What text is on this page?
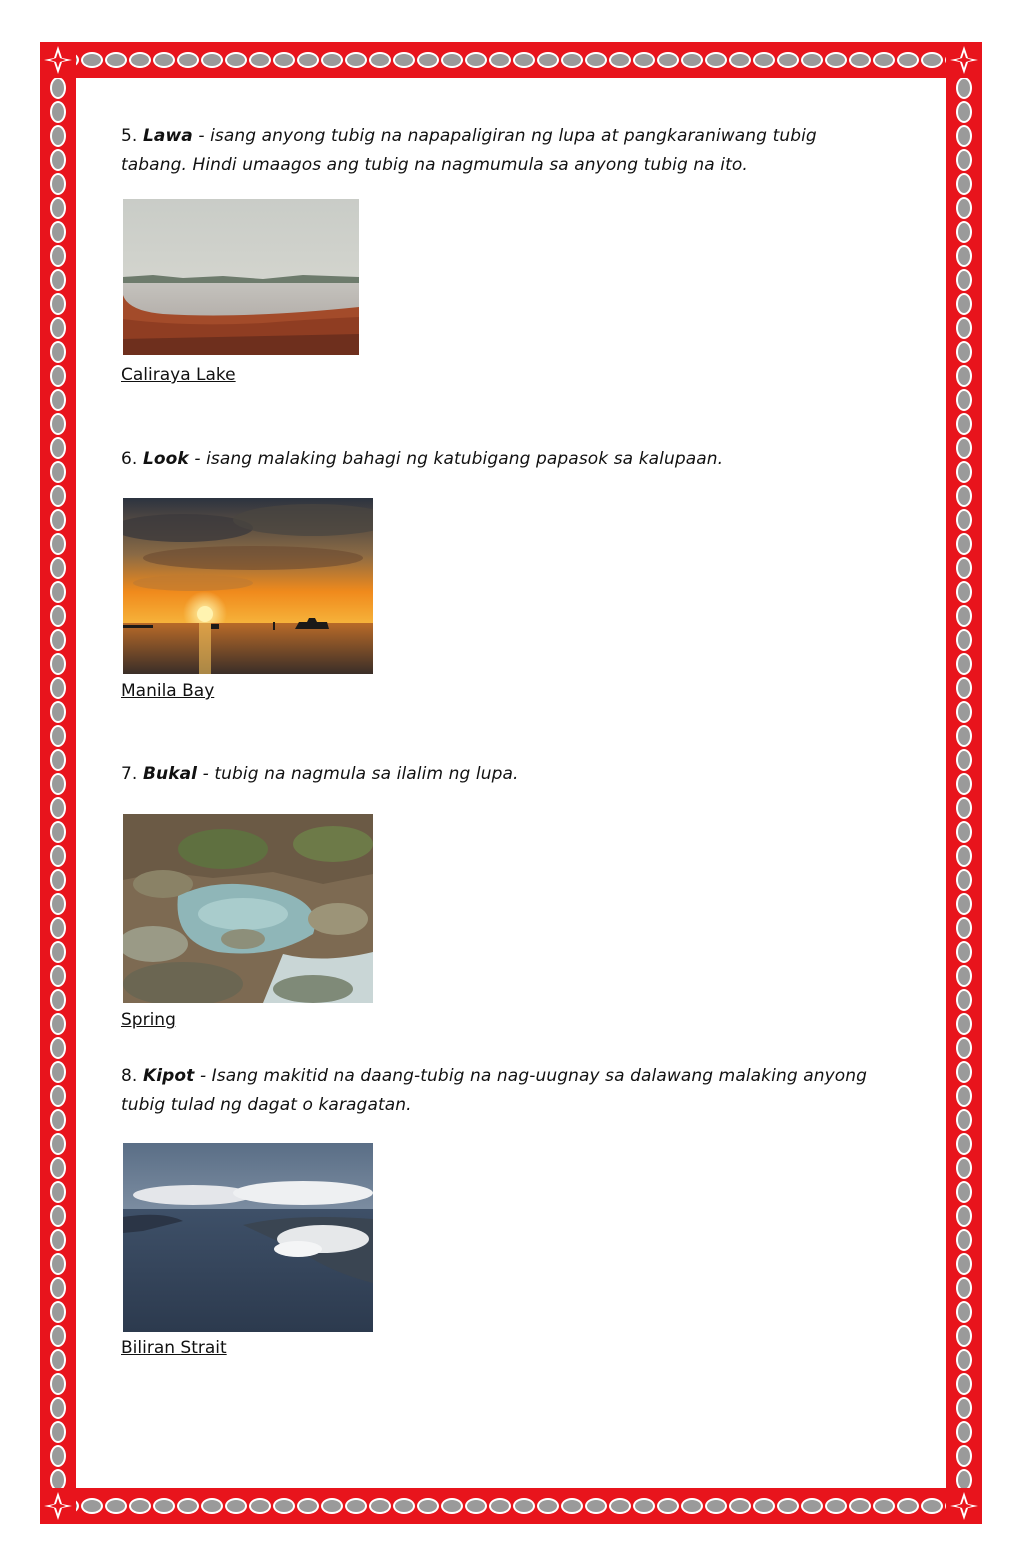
5. Lawa - isang anyong tubig na napapaligiran ng lupa at pangkaraniwang tubig
tabang. Hindi umaagos ang tubig na nagmumula sa anyong tubig na ito.
Caliraya Lake
6. Look - isang malaking bahagi ng katubigang papasok sa kalupaan.
Manila Bay
7. Bukal - tubig na nagmula sa ilalim ng lupa.
Spring
8. Kipot - Isang makitid na daang-tubig na nag-uugnay sa dalawang malaking anyong
tubig tulad ng dagat o karagatan.
Biliran Strait
